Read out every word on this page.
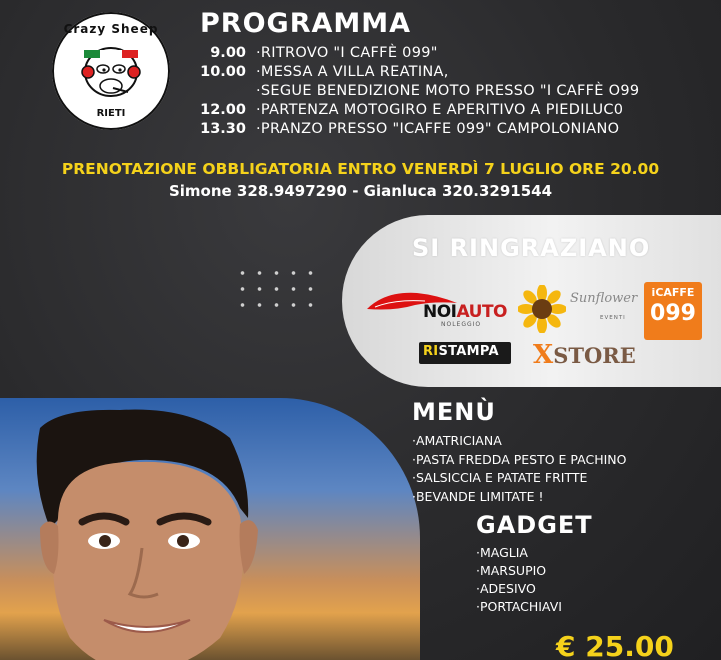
Crazy Sheep
RIETI
PROGRAMMA
9.00 ·RITROVO "I CAFFÈ 099"
10.00 ·MESSA A VILLA REATINA,
·SEGUE BENEDIZIONE MOTO PRESSO "I CAFFÈ O99
12.00 ·PARTENZA MOTOGIRO E APERITIVO A PIEDILUC0
13.30 ·PRANZO PRESSO "ICAFFE 099" CAMPOLONIANO
PRENOTAZIONE OBBLIGATORIA ENTRO VENERDÌ 7 LUGLIO ORE 20.00
Simone 328.9497290 - Gianluca 320.3291544
SI RINGRAZIANO
NOIAUTO
NOLEGGIO
Sunflower
EVENTI
iCAFFE
099
RISTAMPA XSTORE
MENÙ
·AMATRICIANA
·PASTA FREDDA PESTO E PACHINO
·SALSICCIA E PATATE FRITTE
·BEVANDE LIMITATE !
GADGET
·MAGLIA
·MARSUPIO
·ADESIVO
·PORTACHIAVI
€ 25.00
